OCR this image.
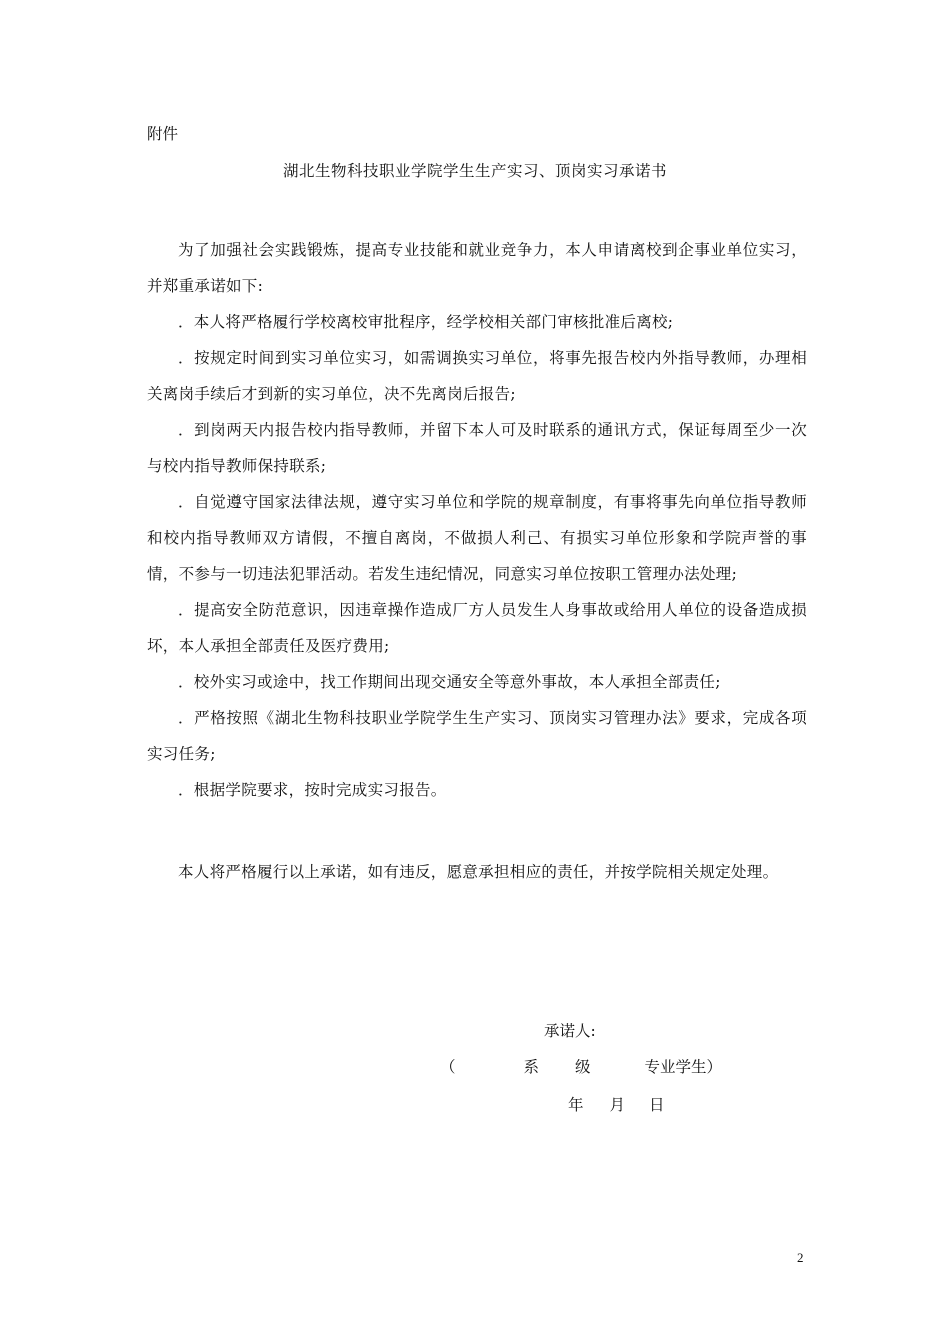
附件
湖北生物科技职业学院学生生产实习、顶岗实习承诺书
为了加强社会实践锻炼，提高专业技能和就业竞争力，本人申请离校到企事业单位实习，并郑重承诺如下:
．本人将严格履行学校离校审批程序，经学校相关部门审核批准后离校;
．按规定时间到实习单位实习，如需调换实习单位，将事先报告校内外指导教师，办理相关离岗手续后才到新的实习单位，决不先离岗后报告;
．到岗两天内报告校内指导教师，并留下本人可及时联系的通讯方式，保证每周至少一次与校内指导教师保持联系;
．自觉遵守国家法律法规，遵守实习单位和学院的规章制度，有事将事先向单位指导教师和校内指导教师双方请假，不擅自离岗，不做损人利己、有损实习单位形象和学院声誉的事情，不参与一切违法犯罪活动。若发生违纪情况，同意实习单位按职工管理办法处理;
．提高安全防范意识，因违章操作造成厂方人员发生人身事故或给用人单位的设备造成损坏，本人承担全部责任及医疗费用;
．校外实习或途中，找工作期间出现交通安全等意外事故，本人承担全部责任;
．严格按照《湖北生物科技职业学院学生生产实习、顶岗实习管理办法》要求，完成各项实习任务;
．根据学院要求，按时完成实习报告。
本人将严格履行以上承诺，如有违反，愿意承担相应的责任，并按学院相关规定处理。
承诺人:
（	系 级	专业学生）
年 月 日
2
